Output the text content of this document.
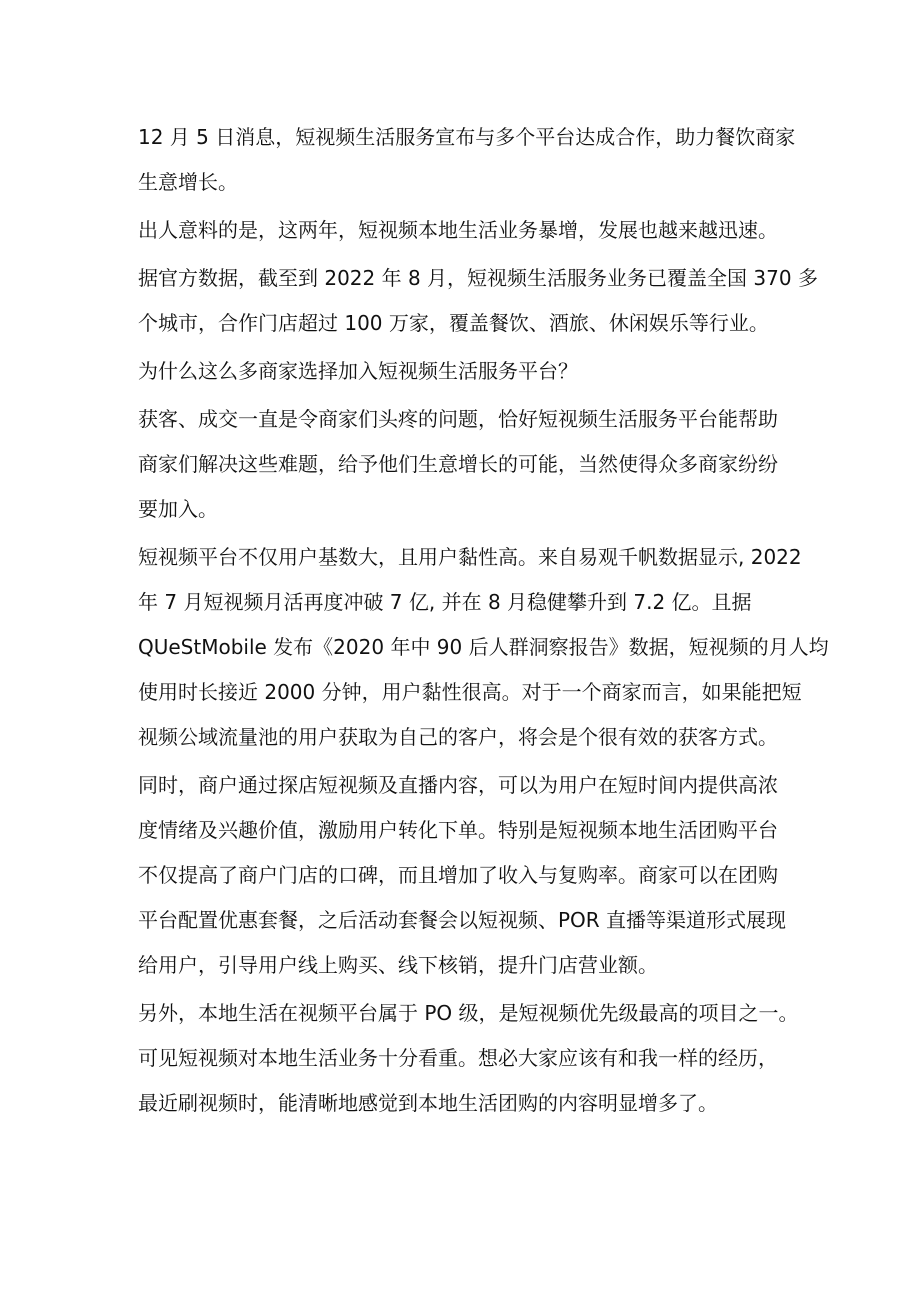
12 月 5 日消息，短视频生活服务宣布与多个平台达成合作，助力餐饮商家
生意增长。
出人意料的是，这两年，短视频本地生活业务暴增，发展也越来越迅速。
据官方数据，截至到 2022 年 8 月，短视频生活服务业务已覆盖全国 370 多
个城市，合作门店超过 100 万家，覆盖餐饮、酒旅、休闲娱乐等行业。
为什么这么多商家选择加入短视频生活服务平台？
获客、成交一直是令商家们头疼的问题，恰好短视频生活服务平台能帮助
商家们解决这些难题，给予他们生意增长的可能，当然使得众多商家纷纷
要加入。
短视频平台不仅用户基数大，且用户黏性高。来自易观千帆数据显示, 2022
年 7 月短视频月活再度冲破 7 亿, 并在 8 月稳健攀升到 7.2 亿。且据
QUeStMobile 发布《2020 年中 90 后人群洞察报告》数据，短视频的月人均
使用时长接近 2000 分钟，用户黏性很高。对于一个商家而言，如果能把短
视频公域流量池的用户获取为自己的客户，将会是个很有效的获客方式。
同时，商户通过探店短视频及直播内容，可以为用户在短时间内提供高浓
度情绪及兴趣价值，激励用户转化下单。特别是短视频本地生活团购平台
不仅提高了商户门店的口碑，而且增加了收入与复购率。商家可以在团购
平台配置优惠套餐，之后活动套餐会以短视频、POR 直播等渠道形式展现
给用户，引导用户线上购买、线下核销，提升门店营业额。
另外，本地生活在视频平台属于 PO 级，是短视频优先级最高的项目之一。
可见短视频对本地生活业务十分看重。想必大家应该有和我一样的经历，
最近刷视频时，能清晰地感觉到本地生活团购的内容明显增多了。
